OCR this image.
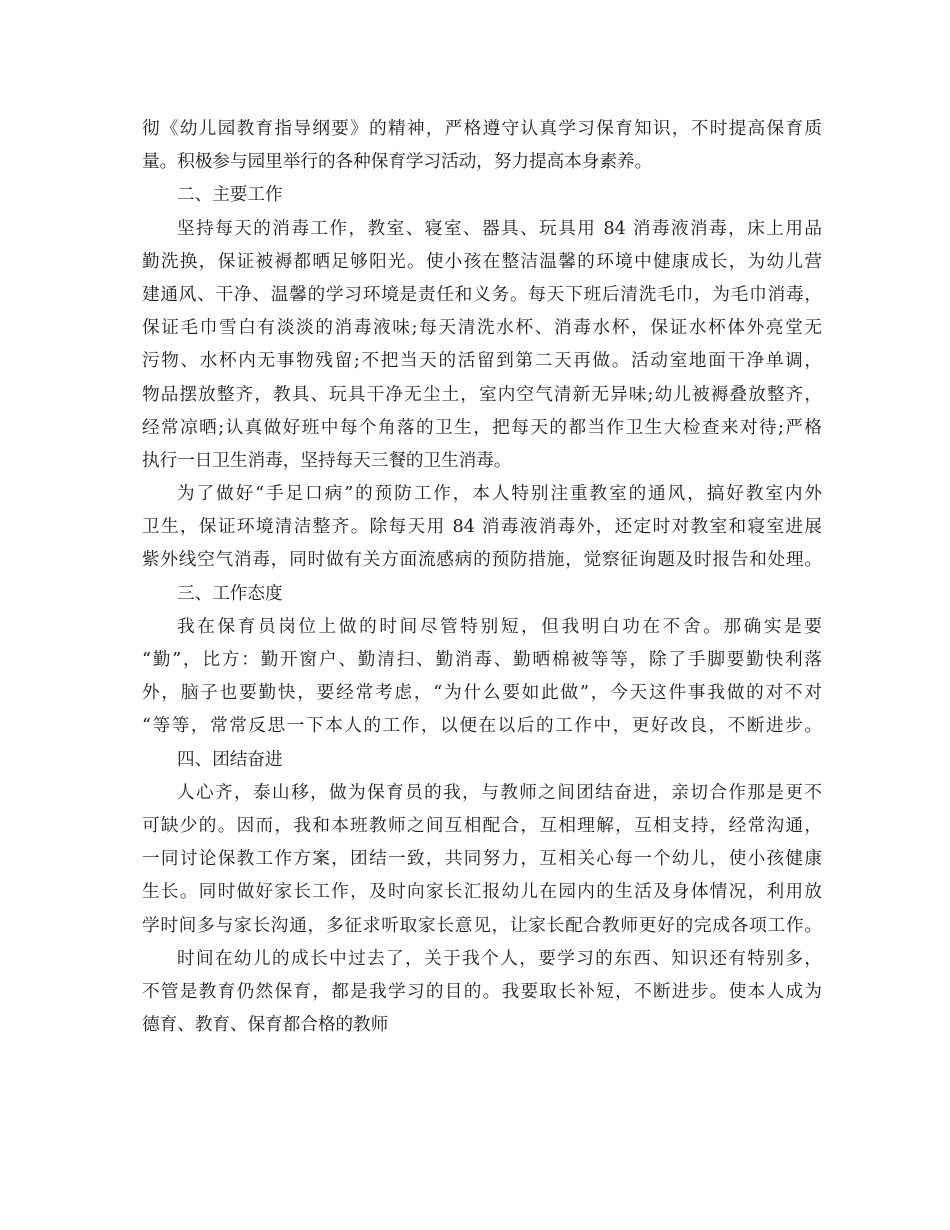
彻《幼儿园教育指导纲要》的精神，严格遵守认真学习保育知识，不时提高保育质
量。积极参与园里举行的各种保育学习活动，努力提高本身素养。
二、主要工作
坚持每天的消毒工作，教室、寝室、器具、玩具用 84 消毒液消毒，床上用品
勤洗换，保证被褥都晒足够阳光。使小孩在整洁温馨的环境中健康成长，为幼儿营
建通风、干净、温馨的学习环境是责任和义务。每天下班后清洗毛巾，为毛巾消毒，
保证毛巾雪白有淡淡的消毒液味;每天清洗水杯、消毒水杯，保证水杯体外亮堂无
污物、水杯内无事物残留;不把当天的活留到第二天再做。活动室地面干净单调，
物品摆放整齐，教具、玩具干净无尘土，室内空气清新无异味;幼儿被褥叠放整齐，
经常凉晒;认真做好班中每个角落的卫生，把每天的都当作卫生大检查来对待;严格
执行一日卫生消毒，坚持每天三餐的卫生消毒。
为了做好“手足口病”的预防工作，本人特别注重教室的通风，搞好教室内外
卫生，保证环境清洁整齐。除每天用 84 消毒液消毒外，还定时对教室和寝室进展
紫外线空气消毒，同时做有关方面流感病的预防措施，觉察征询题及时报告和处理。
三、工作态度
我在保育员岗位上做的时间尽管特别短，但我明白功在不舍。那确实是要
“勤”，比方：勤开窗户、勤清扫、勤消毒、勤晒棉被等等，除了手脚要勤快利落
外，脑子也要勤快，要经常考虑，“为什么要如此做”，今天这件事我做的对不对
“等等，常常反思一下本人的工作，以便在以后的工作中，更好改良，不断进步。
四、团结奋进
人心齐，泰山移，做为保育员的我，与教师之间团结奋进，亲切合作那是更不
可缺少的。因而，我和本班教师之间互相配合，互相理解，互相支持，经常沟通，
一同讨论保教工作方案，团结一致，共同努力，互相关心每一个幼儿，使小孩健康
生长。同时做好家长工作，及时向家长汇报幼儿在园内的生活及身体情况，利用放
学时间多与家长沟通，多征求听取家长意见，让家长配合教师更好的完成各项工作。
时间在幼儿的成长中过去了，关于我个人，要学习的东西、知识还有特别多，
不管是教育仍然保育，都是我学习的目的。我要取长补短，不断进步。使本人成为
德育、教育、保育都合格的教师
